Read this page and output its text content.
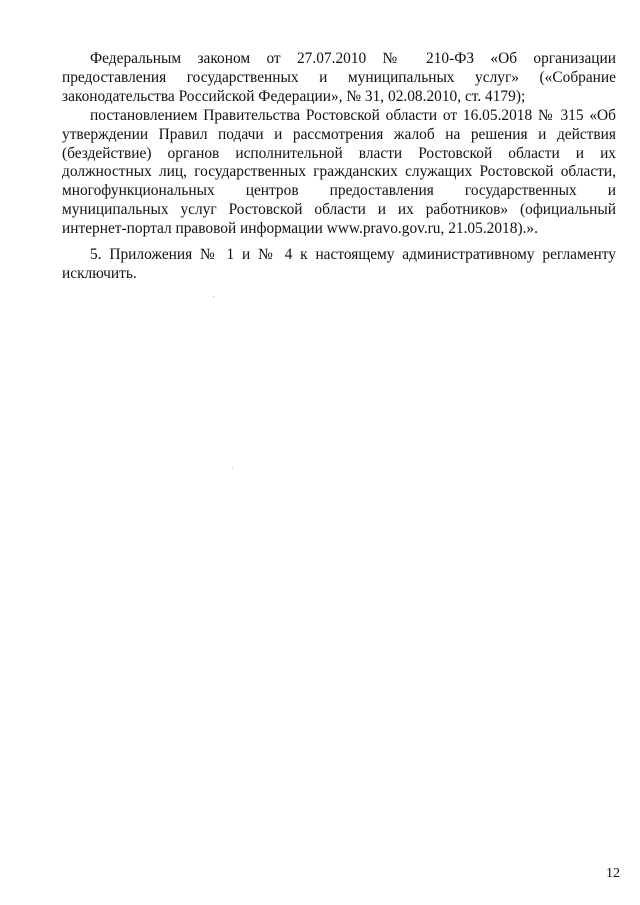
Федеральным законом от 27.07.2010 № 210-ФЗ «Об организации предоставления государственных и муниципальных услуг» («Собрание законодательства Российской Федерации», № 31, 02.08.2010, ст. 4179);

постановлением Правительства Ростовской области от 16.05.2018 № 315 «Об утверждении Правил подачи и рассмотрения жалоб на решения и действия (бездействие) органов исполнительной власти Ростовской области и их должностных лиц, государственных гражданских служащих Ростовской области, многофункциональных центров предоставления государственных и муниципальных услуг Ростовской области и их работников» (официальный интернет-портал правовой информации www.pravo.gov.ru, 21.05.2018).».

5. Приложения № 1 и № 4 к настоящему административному регламенту исключить.

12
